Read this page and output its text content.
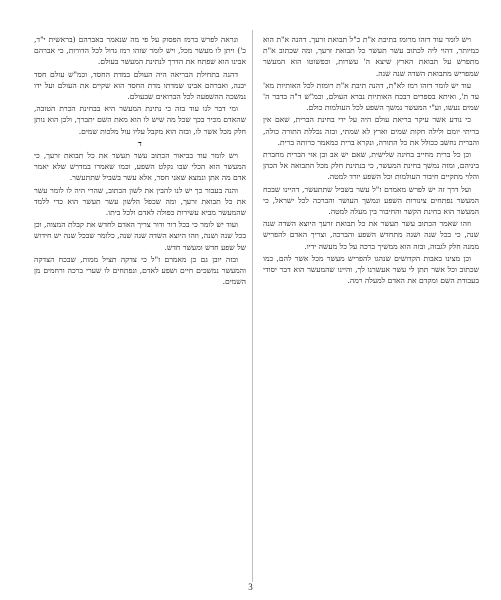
ויש לומר עוד דזהו מרומז בתיבת א"ת כ"ל תבואת זרעך. דהנה א"ת הוא כמיותר, דהוי ליה לכתוב עשר תעשר כל תבואת זרעך, ומה שכתוב א"ת מתפרש על תבואת הארץ שיצא ה' עשרות, וכפשוטו הוא המעשר שמפריש מתבואת השדה שנה שנה.

עוד יש לומר דזהו רמז לא"ת, דהנה תיבת א"ת רומזת לכל האותיות מא' עד ת', ואיתא בספרים דבכח האותיות נברא העולם, וכמ"ש ד"ה בדבר ה' שמים נעשו, וע"י המעשר נמשך השפע לכל העולמות כולם.

כי נודע אשר עיקר בריאת עולם היה על ידי בחינת הברית, שאם אין בריתי יומם ולילה חקות שמים וארץ לא שמתי, ובזה נכללת התורה כולה, והברית נחשב ככולל את כל התורה, ונקרא ברית כמאמר כרותה ברית.

וכן כל ברית מחייב בחינה שלישית, שאם יש אב ובן אזי הברית מחברת ביניהם, ומזה נמשך בחינת המעשר, כי בנתינת חלק מכל התבואה אל הכהן והלוי מתקיים חיבור העולמות וכל השפע יורד למטה.

ועל דרך זה יש לפרש מאמרם ז"ל עשר בשביל שתתעשר, דהיינו שבכח המעשר נפתחים צינורות השפע ונמשך העושר והברכה לכל ישראל, כי המעשר הוא בחינת הקשר והחיבור בין מעלה למטה.

וזהו שאמר הכתוב עשר תעשר את כל תבואת זרעך היוצא השדה שנה שנה, כי בכל שנה ושנה מתחדש השפע והברכה, וצריך האדם להפריש ממנה חלק לגבוה, ובזה הוא ממשיך ברכה על כל מעשה ידיו.

וכן מצינו באבות הקדושים שנהגו להפריש מעשר מכל אשר להם, כמו שכתוב וכל אשר תתן לי עשר אעשרנו לך, והיינו שהמעשר הוא דבר יסודי בעבודת השם ומקדם את האדם למעלה רמה.

ונראה לפרש ברמז הפסוק על פי מה שנאמר באברהם (בראשית י"ד, כ') ויתן לו מעשר מכל, ויש לומר שזהו רמז גדול לכל הדורות, כי אברהם אבינו הוא שפתח את הדרך לנתינת המעשר בעולם.

דהנה בתחילת הבריאה היה העולם במדת החסד, וכמ"ש עולם חסד יבנה, ואברהם אבינו שמדתו מדת החסד הוא שקיים את העולם ועל ידו נמשכה ההשפעה לכל הברואים שבעולם.

ומי דבר לנו עוד בזה כי נתינת המעשר היא בבחינת הכרת הטובה, שהאדם מכיר בכך שכל מה שיש לו הוא מאת השם יתברך, ולכן הוא נותן חלק מכל אשר לו, ובזה הוא מקבל עליו עול מלכות שמים.

ד

ויש לומר עוד בביאור הכתוב עשר תעשר את כל תבואת זרעך, כי המעשר הוא הכלי שבו נקלט השפע, וכמו שאמרו במדרש שלא יאמר אדם מה אתן ונמצא שאני חסר, אלא עשר בשביל שתתעשר.

והנה בעבור כך יש לנו להבין את לשון הכתוב, שהרי היה לו לומר עשר את כל תבואת זרעך, ומה שכפל הלשון עשר תעשר הוא כדי ללמד שהמעשר מביא עשירות כפולה לאדם ולכל ביתו.

ועוד יש לומר כי בכל דור ודור צריך האדם לחדש את קבלת המצוה, וכן בכל שנה ושנה, וזהו היוצא השדה שנה שנה, כלומר שבכל שנה יש חידוש של שפע חדש ומעשר חדש.

ובזה יובן גם כן מאמרם ז"ל כי צדקה תציל ממות, שבכח הצדקה והמעשר נמשכים חיים ושפע לאדם, ונפתחים לו שערי ברכה ורחמים מן השמים.

3
